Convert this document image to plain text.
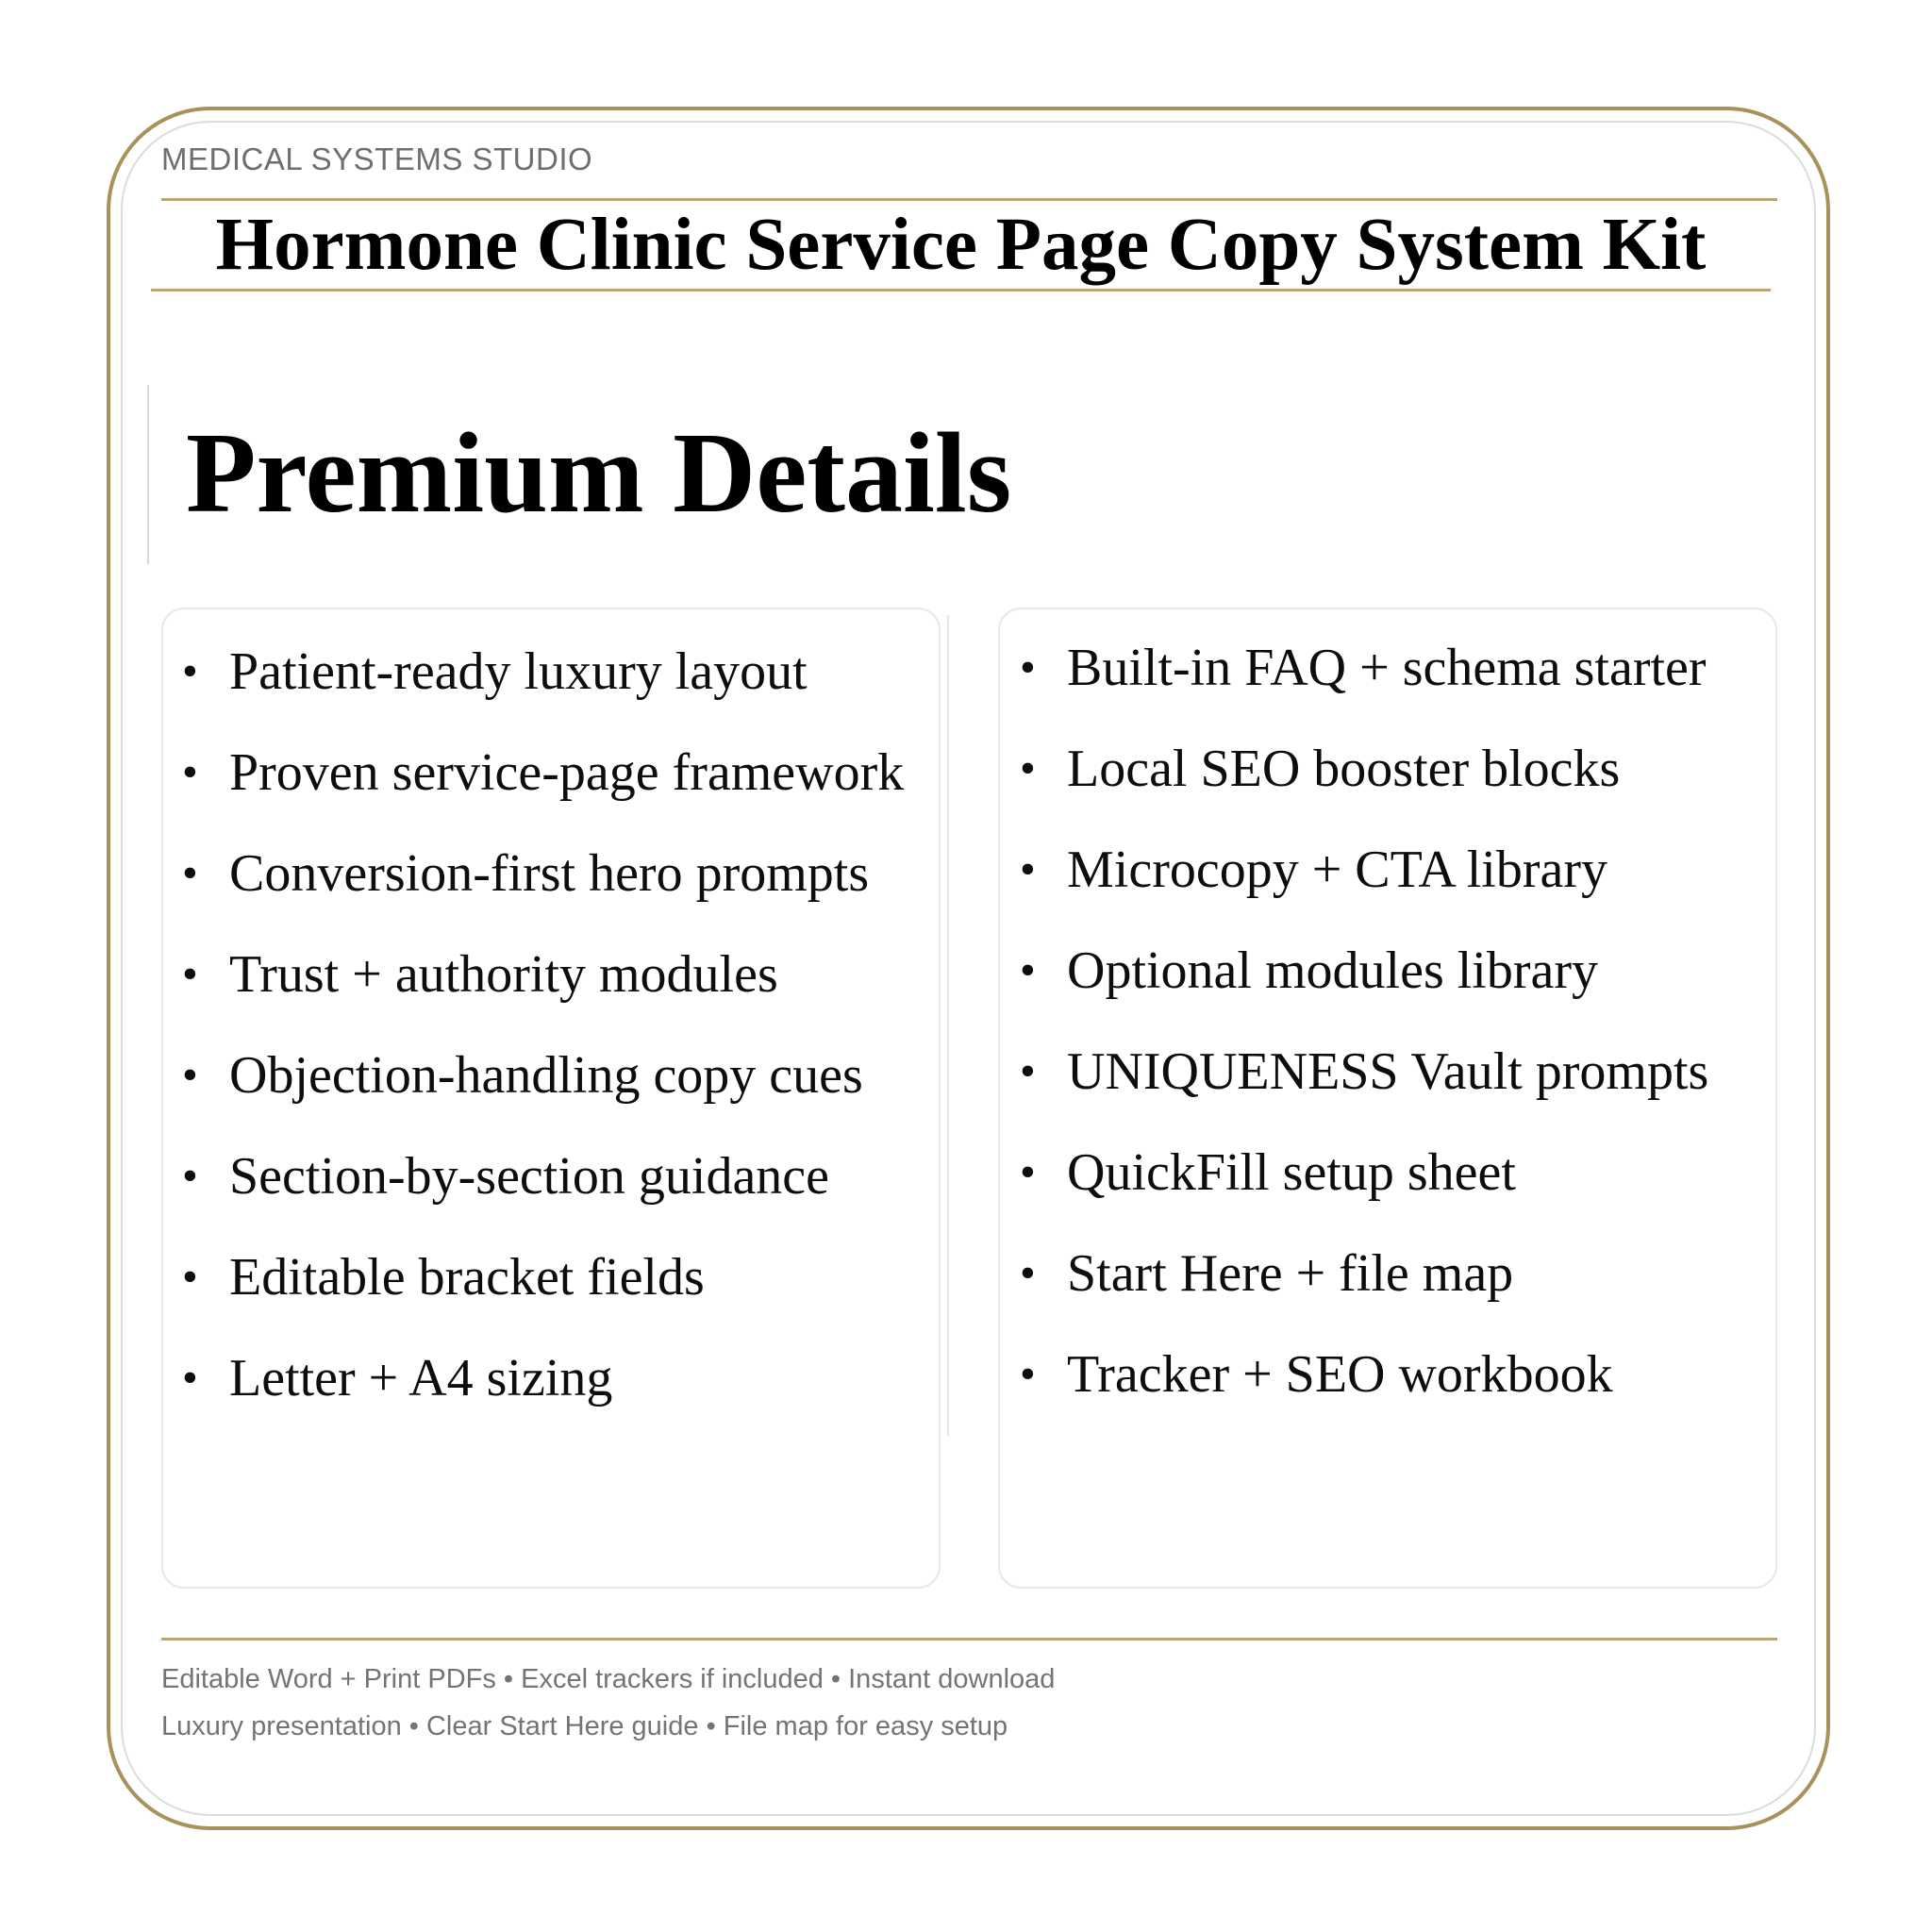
MEDICAL SYSTEMS STUDIO
Hormone Clinic Service Page Copy System Kit
Premium Details
• Patient-ready luxury layout
• Proven service-page framework
• Conversion-first hero prompts
• Trust + authority modules
• Objection-handling copy cues
• Section-by-section guidance
• Editable bracket fields
• Letter + A4 sizing
• Built-in FAQ + schema starter
• Local SEO booster blocks
• Microcopy + CTA library
• Optional modules library
• UNIQUENESS Vault prompts
• QuickFill setup sheet
• Start Here + file map
• Tracker + SEO workbook
Editable Word + Print PDFs • Excel trackers if included • Instant download
Luxury presentation • Clear Start Here guide • File map for easy setup
